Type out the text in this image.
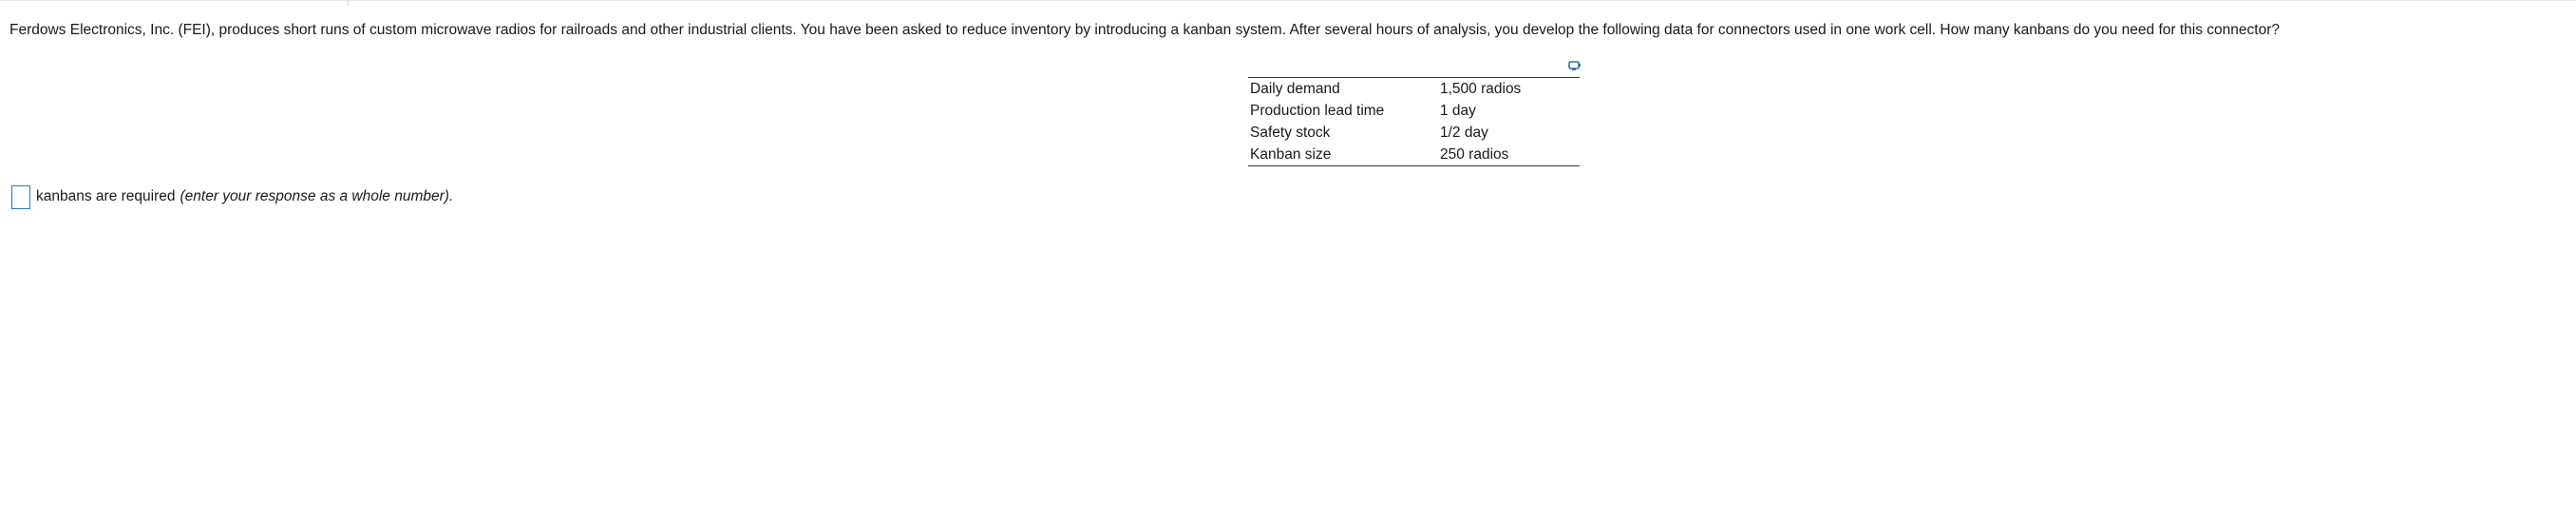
Ferdows Electronics, Inc. (FEI), produces short runs of custom microwave radios for railroads and other industrial clients. You have been asked to reduce inventory by introducing a kanban system. After several hours of analysis, you develop the following data for connectors used in one work cell. How many kanbans do you need for this connector?
Daily demand	1,500 radios
Production lead time	1 day
Safety stock	1/2 day
Kanban size	250 radios
kanbans are required (enter your response as a whole number).
